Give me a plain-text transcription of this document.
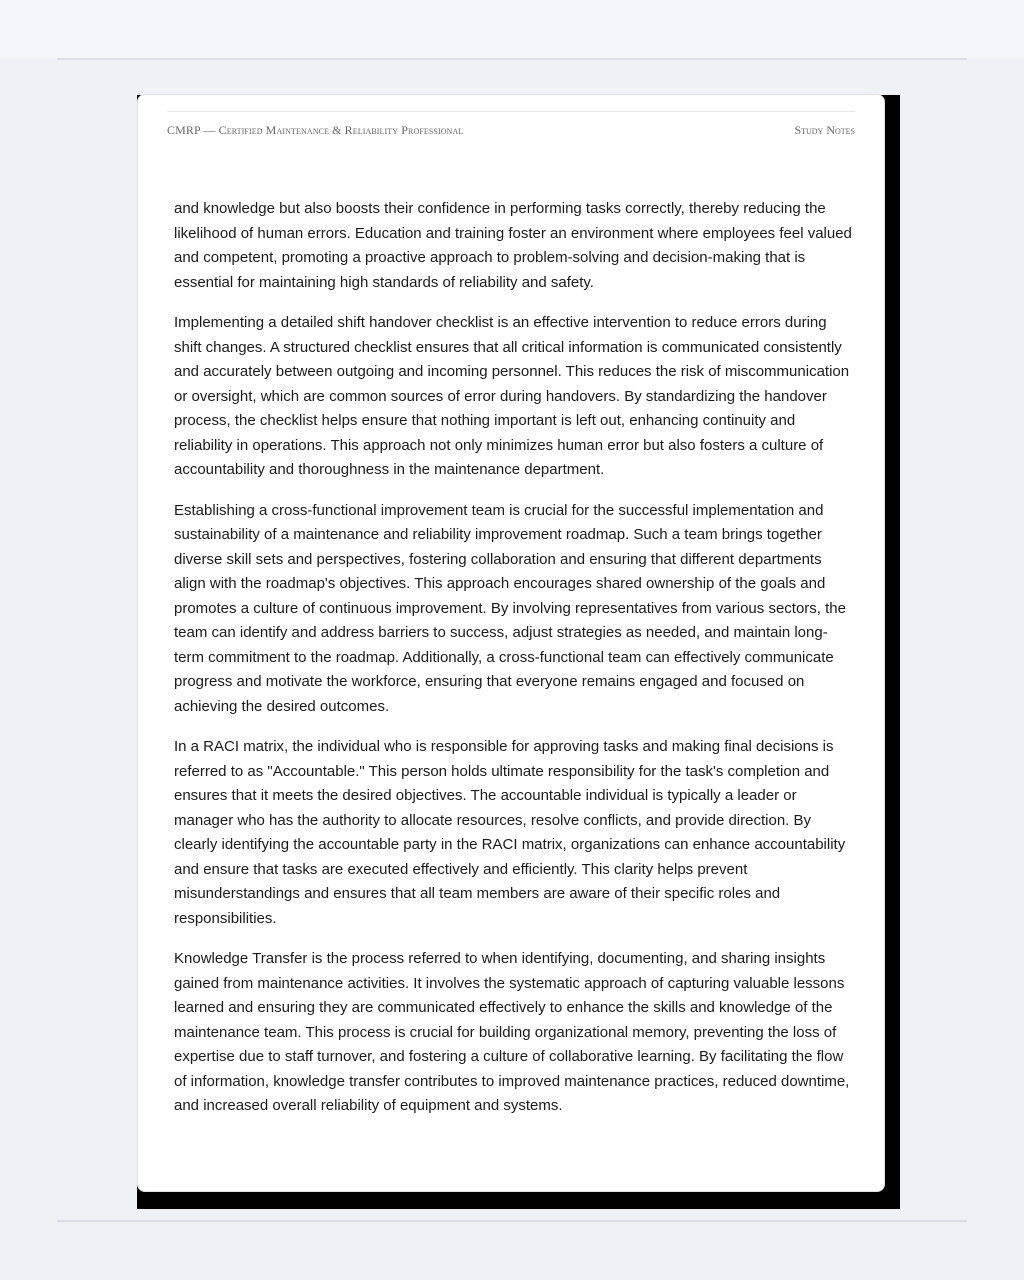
CMRP — Certified Maintenance & Reliability Professional	Study Notes

and knowledge but also boosts their confidence in performing tasks correctly, thereby reducing the likelihood of human errors. Education and training foster an environment where employees feel valued and competent, promoting a proactive approach to problem-solving and decision-making that is essential for maintaining high standards of reliability and safety.

Implementing a detailed shift handover checklist is an effective intervention to reduce errors during shift changes. A structured checklist ensures that all critical information is communicated consistently and accurately between outgoing and incoming personnel. This reduces the risk of miscommunication or oversight, which are common sources of error during handovers. By standardizing the handover process, the checklist helps ensure that nothing important is left out, enhancing continuity and reliability in operations. This approach not only minimizes human error but also fosters a culture of accountability and thoroughness in the maintenance department.

Establishing a cross-functional improvement team is crucial for the successful implementation and sustainability of a maintenance and reliability improvement roadmap. Such a team brings together diverse skill sets and perspectives, fostering collaboration and ensuring that different departments align with the roadmap's objectives. This approach encourages shared ownership of the goals and promotes a culture of continuous improvement. By involving representatives from various sectors, the team can identify and address barriers to success, adjust strategies as needed, and maintain long-term commitment to the roadmap. Additionally, a cross-functional team can effectively communicate progress and motivate the workforce, ensuring that everyone remains engaged and focused on achieving the desired outcomes.

In a RACI matrix, the individual who is responsible for approving tasks and making final decisions is referred to as "Accountable." This person holds ultimate responsibility for the task's completion and ensures that it meets the desired objectives. The accountable individual is typically a leader or manager who has the authority to allocate resources, resolve conflicts, and provide direction. By clearly identifying the accountable party in the RACI matrix, organizations can enhance accountability and ensure that tasks are executed effectively and efficiently. This clarity helps prevent misunderstandings and ensures that all team members are aware of their specific roles and responsibilities.

Knowledge Transfer is the process referred to when identifying, documenting, and sharing insights gained from maintenance activities. It involves the systematic approach of capturing valuable lessons learned and ensuring they are communicated effectively to enhance the skills and knowledge of the maintenance team. This process is crucial for building organizational memory, preventing the loss of expertise due to staff turnover, and fostering a culture of collaborative learning. By facilitating the flow of information, knowledge transfer contributes to improved maintenance practices, reduced downtime, and increased overall reliability of equipment and systems.
